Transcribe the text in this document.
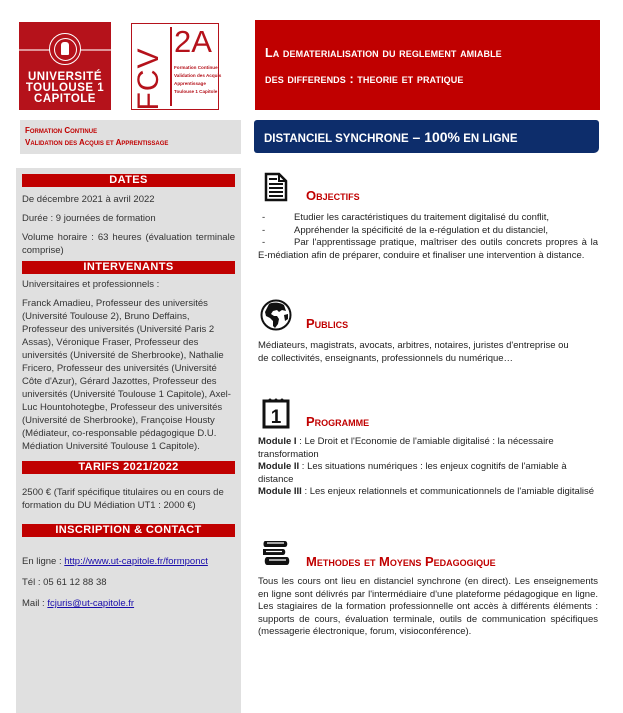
UNIVERSITÉ
TOULOUSE 1
CAPITOLE	FCV
2A
Formation Continue
Validation des Acquis
Apprentissage
Toulouse 1 Capitole
Formation Continue
Validation des Acquis et Apprentissage
La dematerialisation du reglement amiable
des differends : theorie et pratique
DISTANCIEL SYNCHRONE – 100% EN LIGNE
DATES

De décembre 2021 à avril 2022

Durée : 9 journées de formation

Volume horaire : 63 heures (évaluation terminale comprise)

INTERVENANTS

Universitaires et professionnels :

Franck Amadieu, Professeur des universités (Université Toulouse 2), Bruno Deffains, Professeur des universités (Université Paris 2 Assas), Véronique Fraser, Professeur des universités (Université de Sherbrooke), Nathalie Fricero, Professeur des universités (Université Côte d'Azur), Gérard Jazottes, Professeur des universités (Université Toulouse 1 Capitole), Axel-Luc Hountohotegbe, Professeur des universités (Université de Sherbrooke), Françoise Housty (Médiateur, co-responsable pédagogique D.U. Médiation Université Toulouse 1 Capitole).

TARIFS 2021/2022

2500 € (Tarif spécifique titulaires ou en cours de formation du DU Médiation UT1 : 2000 €)

INSCRIPTION & CONTACT

En ligne : http://www.ut-capitole.fr/formponct

Tél : 05 61 12 88 38

Mail : fcjuris@ut-capitole.fr

Objectifs
-	Etudier les caractéristiques du traitement digitalisé du conflit,
-	Appréhender la spécificité de la e-régulation et du distanciel,
-	Par l'apprentissage pratique, maîtriser des outils concrets propres à la E-médiation afin de préparer, conduire et finaliser une intervention à distance.
Publics

Médiateurs, magistrats, avocats, arbitres, notaires, juristes d'entreprise ou de collectivités, enseignants, professionnels du numérique…

1 Programme

Module I : Le Droit et l'Economie de l'amiable digitalisé : la nécessaire transformation

Module II : Les situations numériques : les enjeux cognitifs de l'amiable à distance

Module III : Les enjeux relationnels et communicationnels de l'amiable digitalisé

Methodes et Moyens Pedagogique

Tous les cours ont lieu en distanciel synchrone (en direct). Les enseignements en ligne sont délivrés par l'intermédiaire d'une plateforme pédagogique en ligne. Les stagiaires de la formation professionnelle ont accès à différents éléments : supports de cours, évaluation terminale, outils de communication spécifiques (messagerie électronique, forum, visioconférence).
